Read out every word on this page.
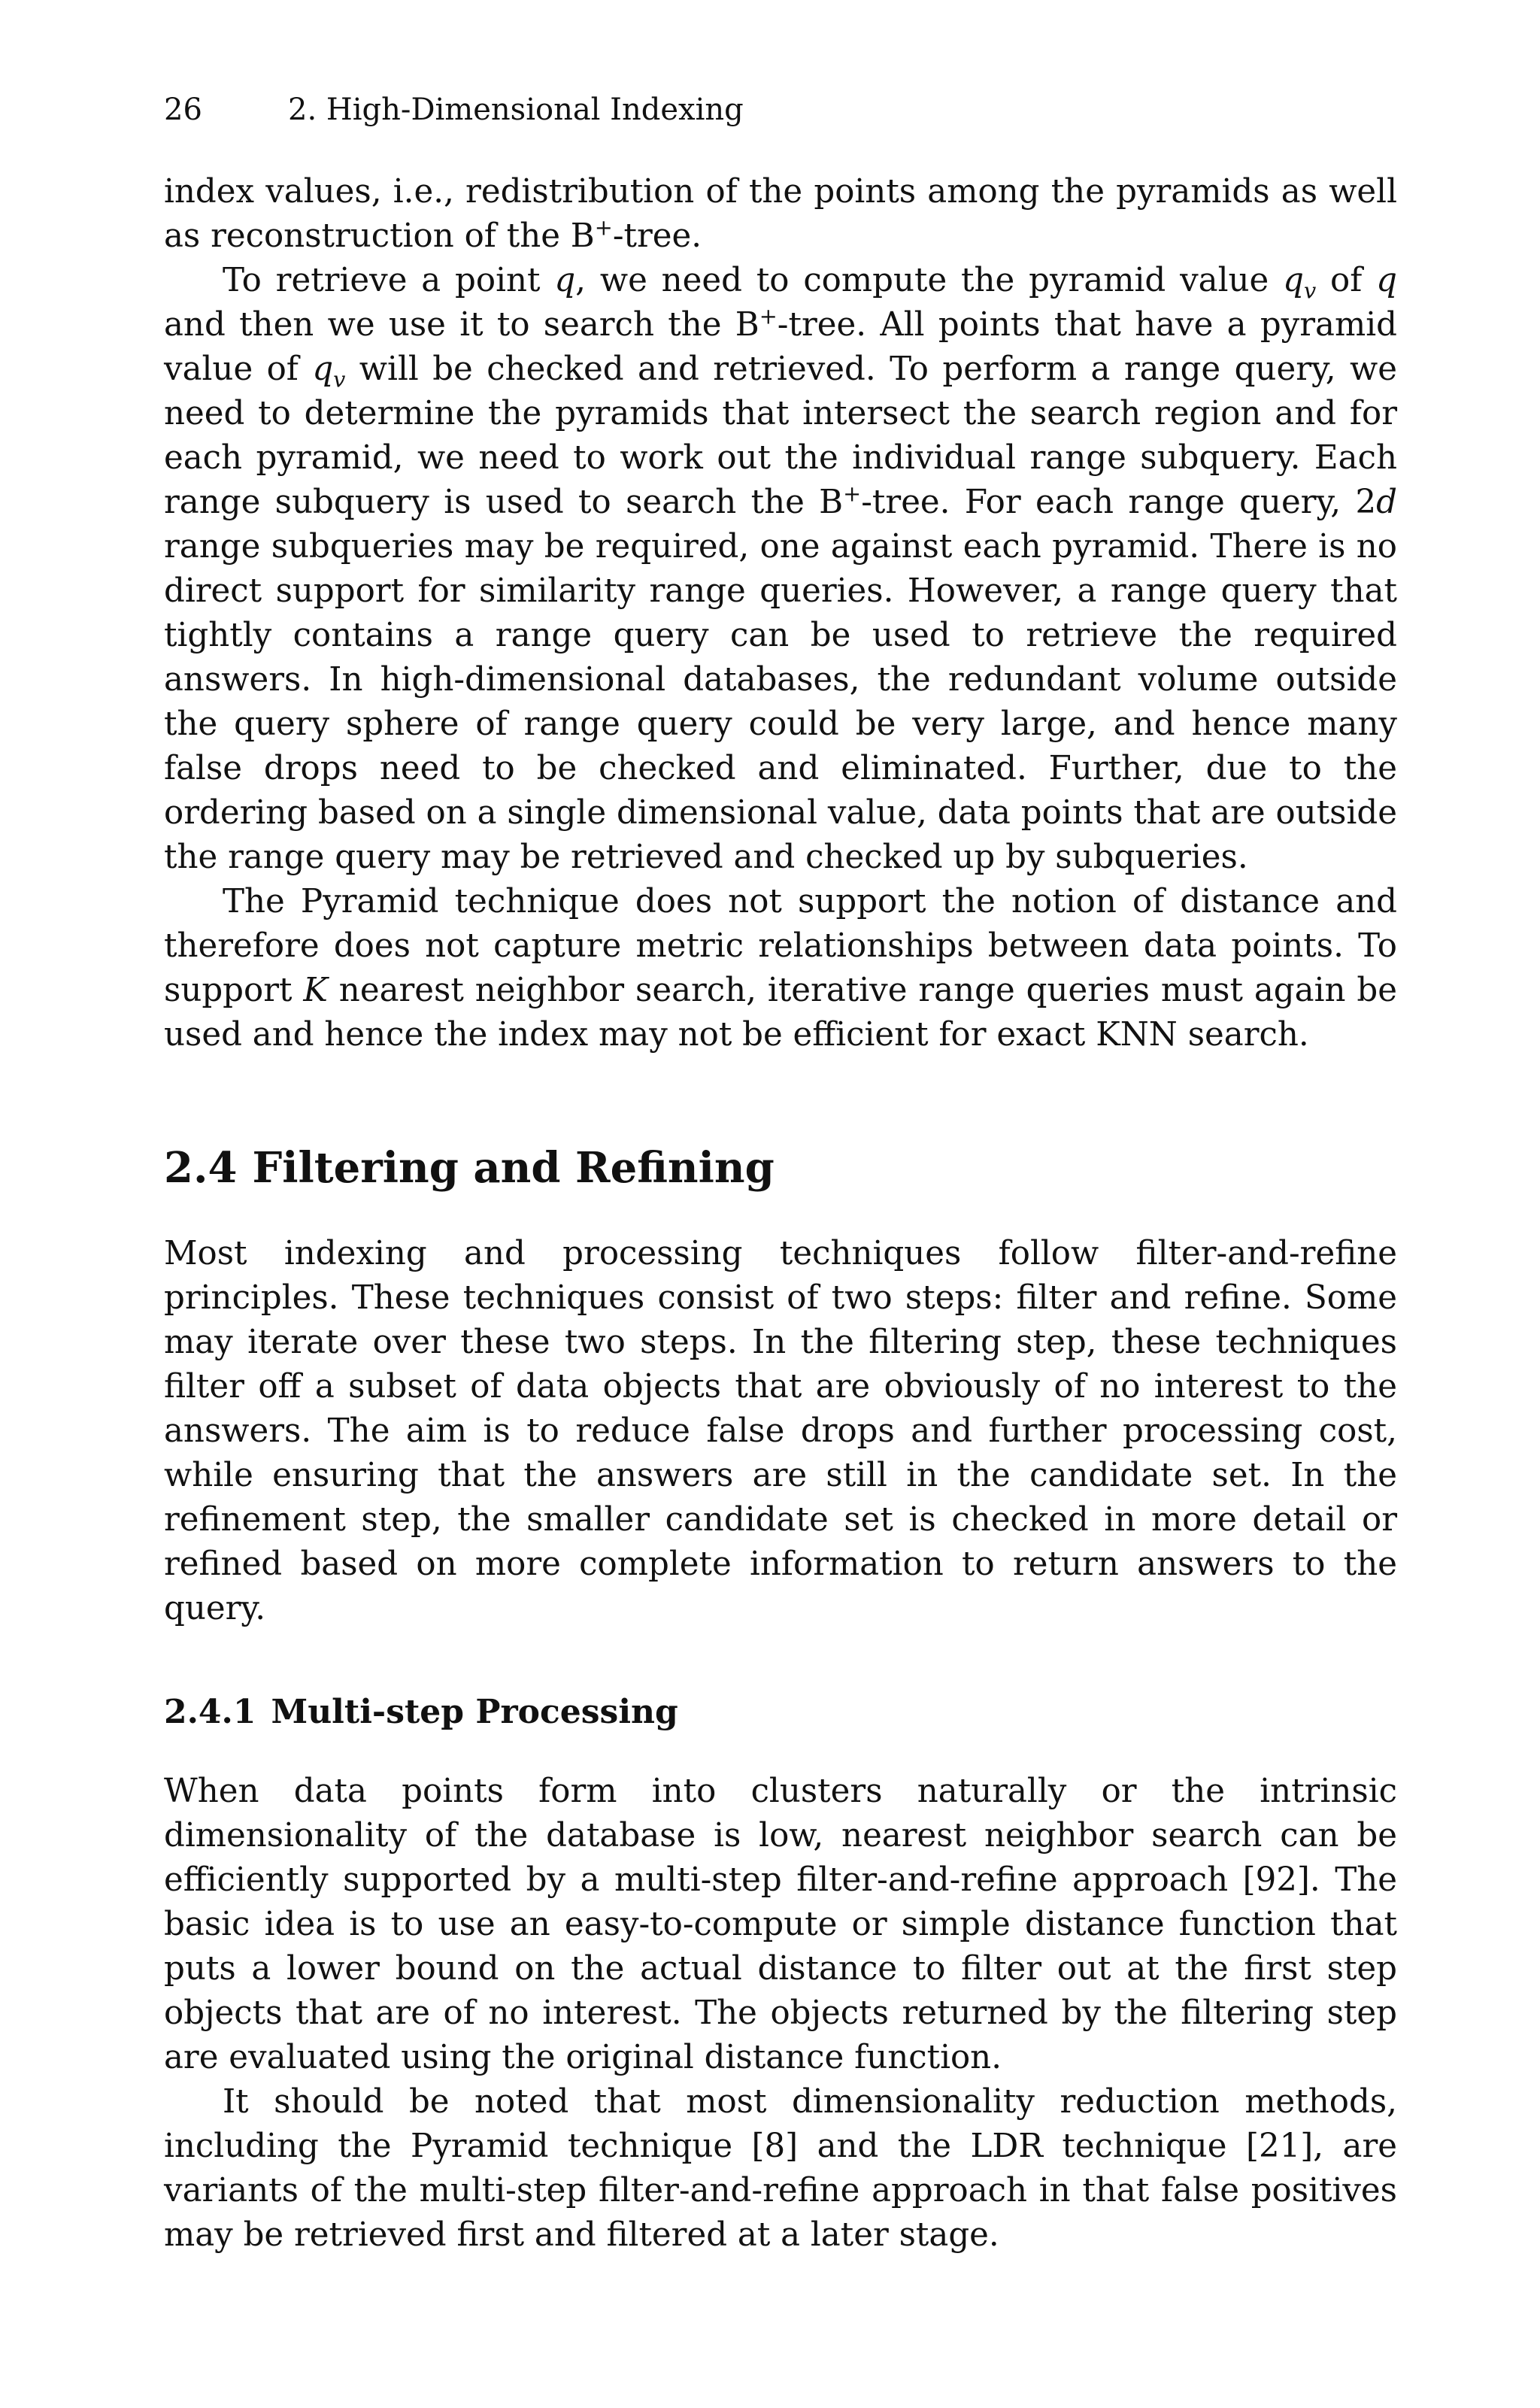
26	2. High-Dimensional Indexing

index values, i.e., redistribution of the points among the pyramids as well as reconstruction of the B+-tree.

To retrieve a point q, we need to compute the pyramid value $q_v$ of q and then we use it to search the B+-tree. All points that have a pyramid value of $q_v$ will be checked and retrieved. To perform a range query, we need to determine the pyramids that intersect the search region and for each pyramid, we need to work out the individual range subquery. Each range subquery is used to search the B+-tree. For each range query, 2d range subqueries may be required, one against each pyramid. There is no direct support for similarity range queries. However, a range query that tightly contains a range query can be used to retrieve the required answers. In high-dimensional databases, the redundant volume outside the query sphere of range query could be very large, and hence many false drops need to be checked and eliminated. Further, due to the ordering based on a single dimensional value, data points that are outside the range query may be retrieved and checked up by subqueries.

The Pyramid technique does not support the notion of distance and therefore does not capture metric relationships between data points. To support K nearest neighbor search, iterative range queries must again be used and hence the index may not be efficient for exact KNN search.

2.4 Filtering and Refining

Most indexing and processing techniques follow filter-and-refine principles. These techniques consist of two steps: filter and refine. Some may iterate over these two steps. In the filtering step, these techniques filter off a subset of data objects that are obviously of no interest to the answers. The aim is to reduce false drops and further processing cost, while ensuring that the answers are still in the candidate set. In the refinement step, the smaller candidate set is checked in more detail or refined based on more complete information to return answers to the query.

2.4.1 Multi-step Processing

When data points form into clusters naturally or the intrinsic dimensionality of the database is low, nearest neighbor search can be efficiently supported by a multi-step filter-and-refine approach [92]. The basic idea is to use an easy-to-compute or simple distance function that puts a lower bound on the actual distance to filter out at the first step objects that are of no interest. The objects returned by the filtering step are evaluated using the original distance function.

It should be noted that most dimensionality reduction methods, including the Pyramid technique [8] and the LDR technique [21], are variants of the multi-step filter-and-refine approach in that false positives may be retrieved first and filtered at a later stage.
